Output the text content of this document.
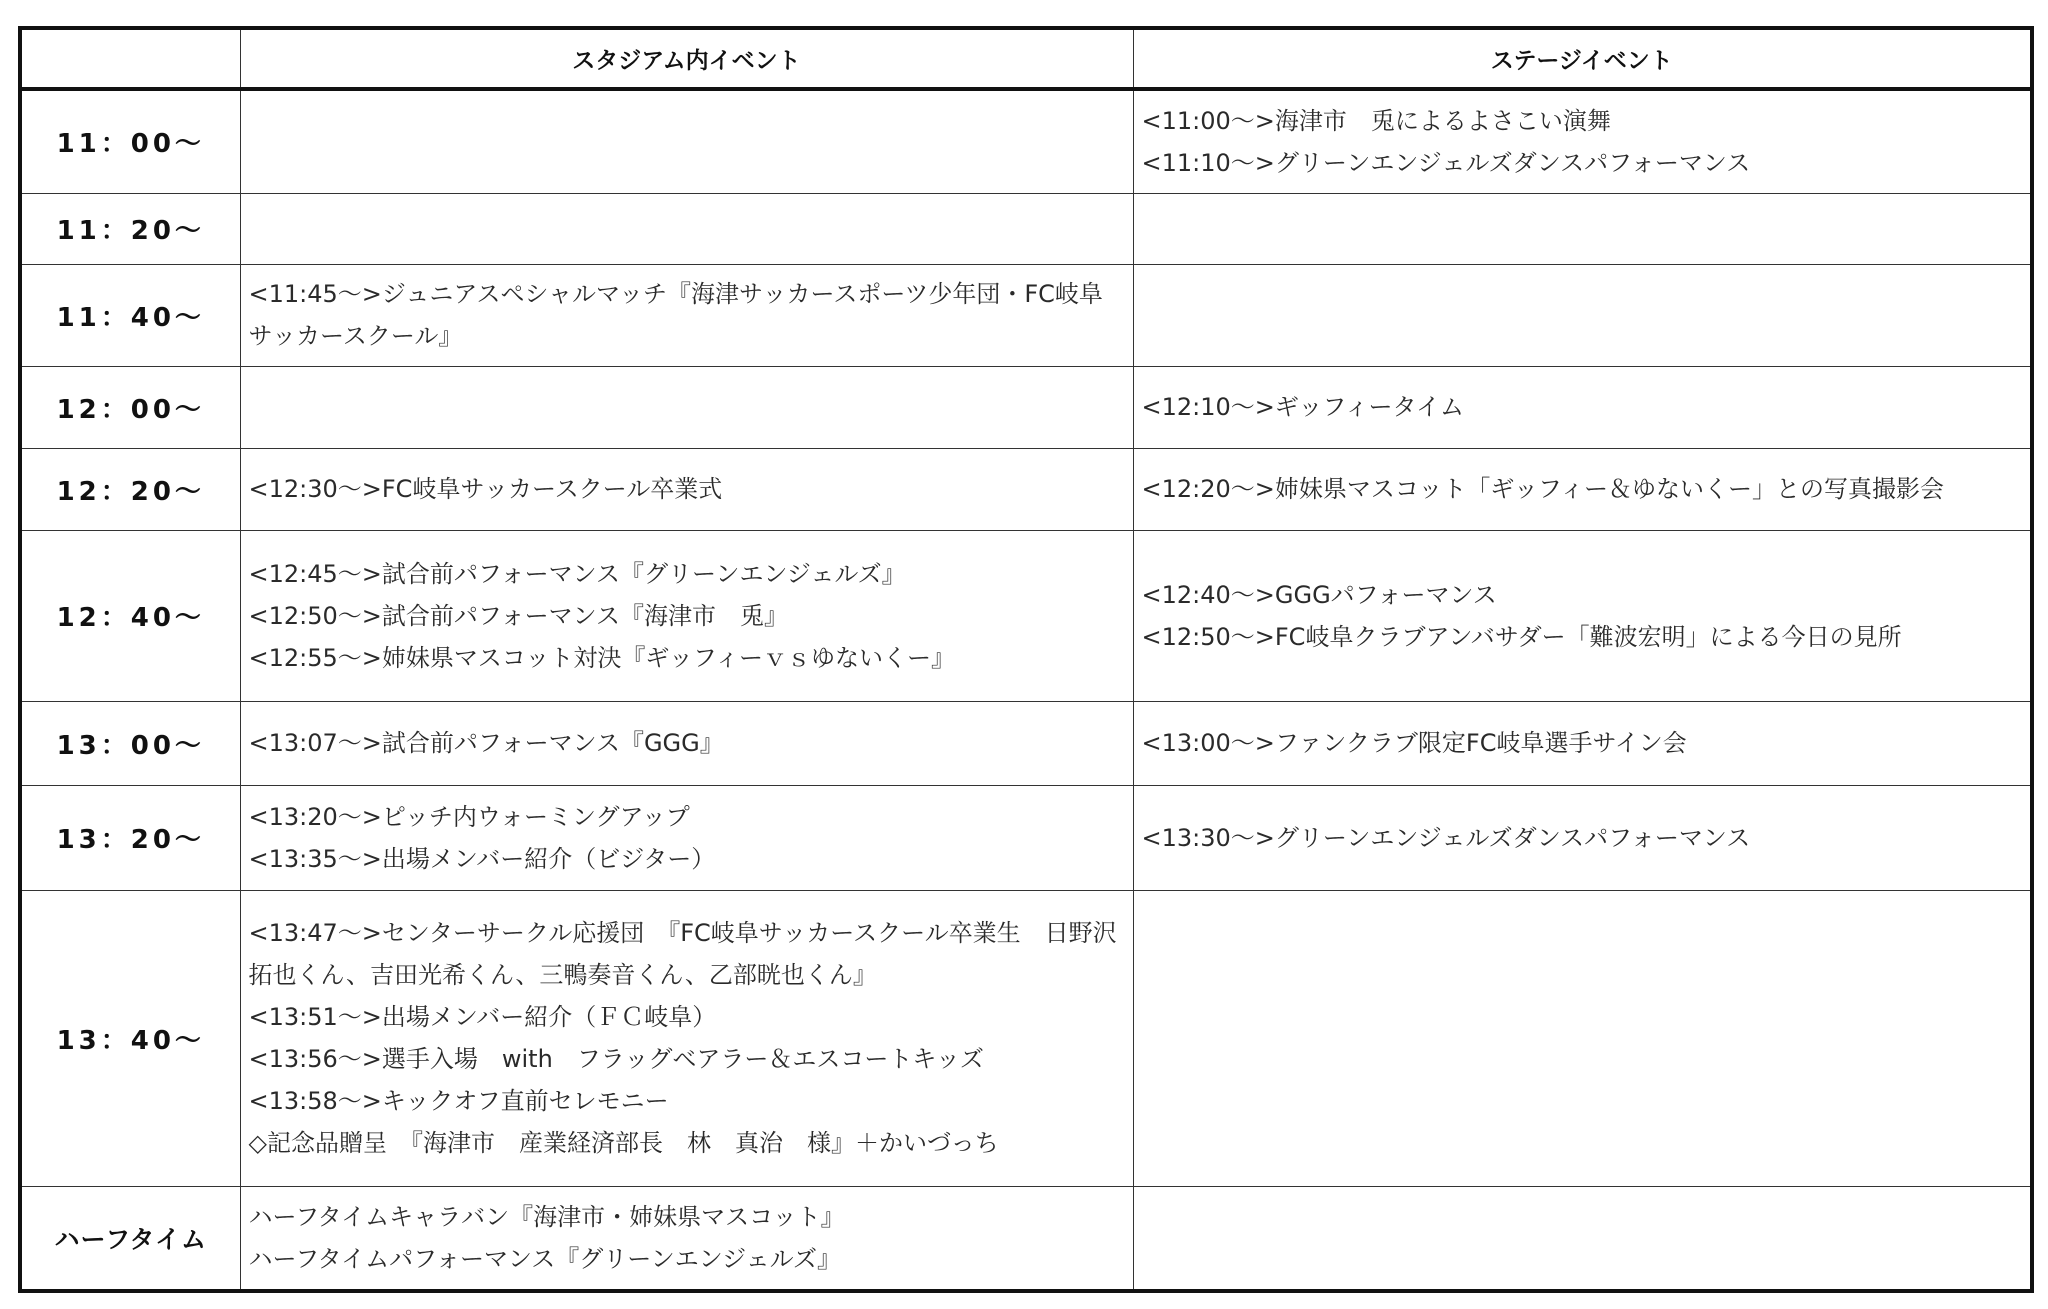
	スタジアム内イベント	ステージイベント
11：00～		<11:00～>海津市　兎によるよさこい演舞
<11:10～>グリーンエンジェルズダンスパフォーマンス

11：20～		
11：40～	<11:45～>ジュニアスペシャルマッチ『海津サッカースポーツ少年団・FC岐阜サッカースクール』	

12：00～		<12:10～>ギッフィータイム

12：20～	<12:30～>FC岐阜サッカースクール卒業式	<12:20～>姉妹県マスコット「ギッフィー＆ゆないくー」との写真撮影会

12：40～	<12:45～>試合前パフォーマンス『グリーンエンジェルズ』
<12:50～>試合前パフォーマンス『海津市　兎』
<12:55～>姉妹県マスコット対決『ギッフィーｖｓゆないくー』	<12:40～>GGGパフォーマンス
<12:50～>FC岐阜クラブアンバサダー「難波宏明」による今日の見所

13：00～	<13:07～>試合前パフォーマンス『GGG』	<13:00～>ファンクラブ限定FC岐阜選手サイン会

13：20～	<13:20～>ピッチ内ウォーミングアップ
<13:35～>出場メンバー紹介（ビジター）	<13:30～>グリーンエンジェルズダンスパフォーマンス

13：40～	<13:47～>センターサークル応援団　『FC岐阜サッカースクール卒業生　日野沢拓也くん、吉田光希くん、三鴨奏音くん、乙部晄也くん』
<13:51～>出場メンバー紹介（ＦＣ岐阜）
<13:56～>選手入場　with　フラッグベアラー＆エスコートキッズ
<13:58～>キックオフ直前セレモニー
◇記念品贈呈　『海津市　産業経済部長　林　真治　様』＋かいづっち	

ハーフタイム	ハーフタイムキャラバン『海津市・姉妹県マスコット』
ハーフタイムパフォーマンス『グリーンエンジェルズ』	
